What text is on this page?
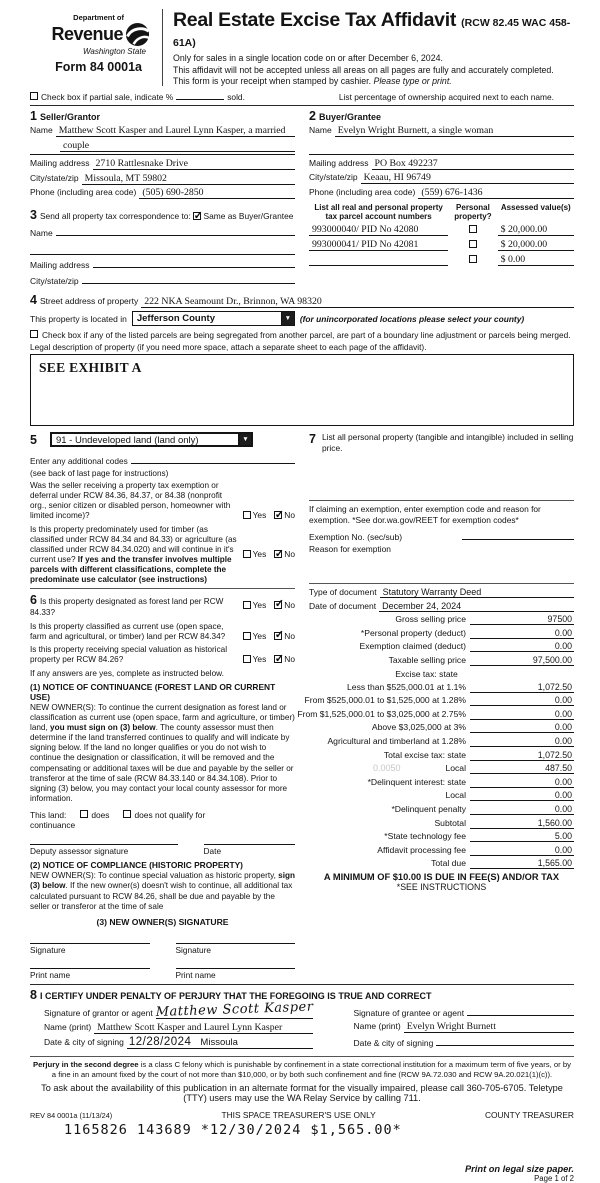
Department of
Revenue
Washington State
Form 84 0001a
Real Estate Excise Tax Affidavit (RCW 82.45 WAC 458-61A)
Only for sales in a single location code on or after December 6, 2024.
This affidavit will not be accepted unless all areas on all pages are fully and accurately completed.
This form is your receipt when stamped by cashier. Please type or print.
Check box if partial sale, indicate %	sold.	List percentage of ownership acquired next to each name.
1 Seller/Grantor
Name Matthew Scott Kasper and Laurel Lynn Kasper, a married
couple
Mailing address 2710 Rattlesnake Drive
City/state/zip Missoula, MT 59802
Phone (including area code) (505) 690-2850
3 Send all property tax correspondence to: ✓ Same as Buyer/Grantee
Name
Mailing address
City/state/zip
2 Buyer/Grantee
Name Evelyn Wright Burnett, a single woman
Mailing address PO Box 492237
City/state/zip Keaau, HI 96749
Phone (including area code) (559) 676-1436
List all real and personal property tax parcel account numbers
Personal property?
Assessed value(s)
993000040/ PID No 42080	$ 20,000.00
993000041/ PID No 42081	$ 20,000.00
$ 0.00
4 Street address of property 222 NKA Seamount Dr., Brinnon, WA 98320
This property is located in	Jefferson County	▼	(for unincorporated locations please select your county)
Check box if any of the listed parcels are being segregated from another parcel, are part of a boundary line adjustment or parcels being merged.
Legal description of property (if you need more space, attach a separate sheet to each page of the affidavit).
SEE EXHIBIT A
5	91 - Undeveloped land (land only)	▼
Enter any additional codes
(see back of last page for instructions)
Was the seller receiving a property tax exemption or deferral under RCW 84.36, 84.37, or 84.38 (nonprofit org., senior citizen or disabled person, homeowner with limited income)?	Yes ✓ No
Is this property predominately used for timber (as classified under RCW 84.34 and 84.33) or agriculture (as classified under RCW 84.34.020) and will continue in it's current use? If yes and the transfer involves multiple parcels with different classifications, complete the predominate use calculator (see instructions)
Yes ✓ No
6 Is this property designated as forest land per RCW 84.33?
Yes ✓ No
Is this property classified as current use (open space, farm and agricultural, or timber) land per RCW 84.34?	Yes ✓ No
Is this property receiving special valuation as historical property per RCW 84.26?	Yes ✓ No
If any answers are yes, complete as instructed below.
(1) NOTICE OF CONTINUANCE (FOREST LAND OR CURRENT USE)
NEW OWNER(S): To continue the current designation as forest land or classification as current use (open space, farm and agriculture, or timber) land, you must sign on (3) below. The county assessor must then determine if the land transferred continues to qualify and will indicate by signing below. If the land no longer qualifies or you do not wish to continue the designation or classification, it will be removed and the compensating or additional taxes will be due and payable by the seller or transferor at the time of sale (RCW 84.33.140 or 84.34.108). Prior to signing (3) below, you may contact your local county assessor for more information.
This land:	does	does not qualify for
continuance
Deputy assessor signature	Date
(2) NOTICE OF COMPLIANCE (HISTORIC PROPERTY)
NEW OWNER(S): To continue special valuation as historic property, sign (3) below. If the new owner(s) doesn't wish to continue, all additional tax calculated pursuant to RCW 84.26, shall be due and payable by the seller or transferor at the time of sale
(3) NEW OWNER(S) SIGNATURE
Signature	Signature
Print name	Print name
7 List all personal property (tangible and intangible) included in selling price.
If claiming an exemption, enter exemption code and reason for exemption. *See dor.wa.gov/REET for exemption codes*
Exemption No. (sec/sub)
Reason for exemption
Type of document Statutory Warranty Deed
Date of document December 24, 2024
Gross selling price	97500
*Personal property (deduct)	0.00
Exemption claimed (deduct)	0.00
Taxable selling price	97,500.00
Excise tax: state
Less than $525,000.01 at 1.1%	1,072.50
From $525,000.01 to $1,525,000 at 1.28%	0.00
From $1,525,000.01 to $3,025,000 at 2.75%	0.00
Above $3,025,000 at 3%	0.00
Agricultural and timberland at 1.28%	0.00
Total excise tax: state	1,072.50
0.0050	Local	487.50
*Delinquent interest: state	0.00
Local	0.00
*Delinquent penalty	0.00
Subtotal	1,560.00
*State technology fee	5.00
Affidavit processing fee	0.00
Total due	1,565.00
A MINIMUM OF $10.00 IS DUE IN FEE(S) AND/OR TAX
*SEE INSTRUCTIONS
8 I CERTIFY UNDER PENALTY OF PERJURY THAT THE FOREGOING IS TRUE AND CORRECT
Signature of grantor or agent Matthew Scott Kasper
Name (print) Matthew Scott Kasper and Laurel Lynn Kasper
Date & city of signing 12/28/2024 Missoula
Signature of grantee or agent
Name (print) Evelyn Wright Burnett
Date & city of signing
Perjury in the second degree is a class C felony which is punishable by confinement in a state correctional institution for a maximum term of five years, or by a fine in an amount fixed by the court of not more than $10,000, or by both such confinement and fine (RCW 9A.72.030 and RCW 9A.20.021(1)(c)).
To ask about the availability of this publication in an alternate format for the visually impaired, please call 360-705-6705. Teletype (TTY) users may use the WA Relay Service by calling 711.
REV 84 0001a (11/13/24)	THIS SPACE TREASURER'S USE ONLY	COUNTY TREASURER
1165826 143689 *12/30/2024 $1,565.00*
Print on legal size paper.
Page 1 of 2
